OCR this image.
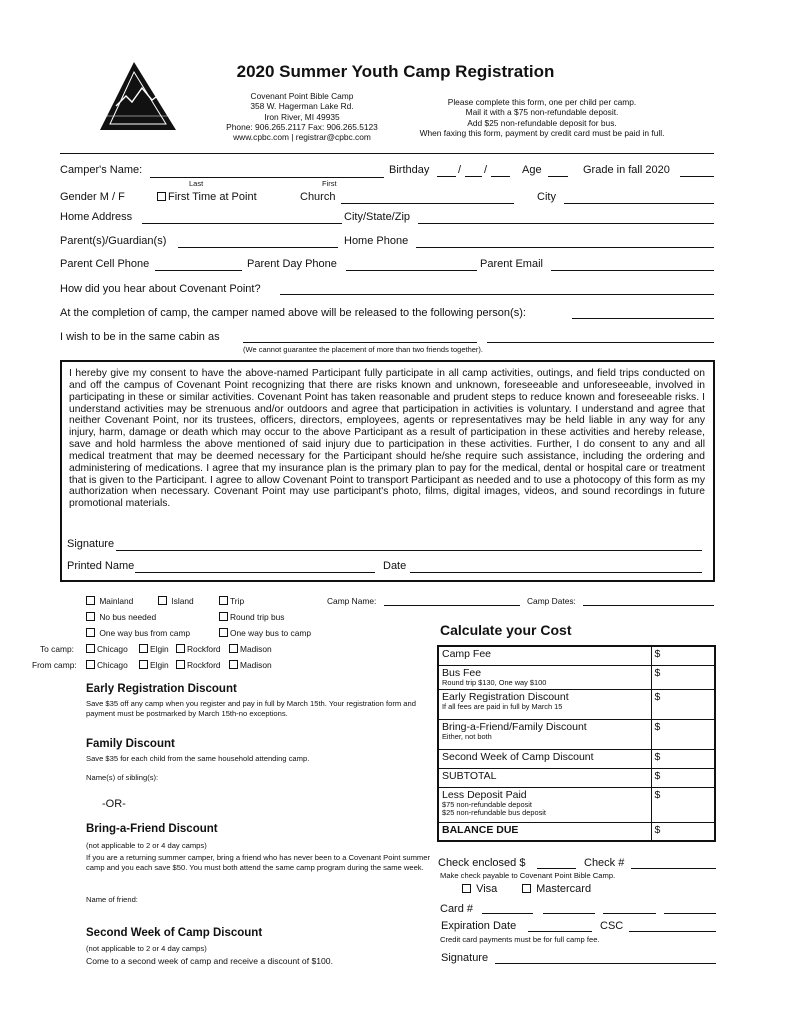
2020 Summer Youth Camp Registration
Covenant Point Bible Camp
358 W. Hagerman Lake Rd.
Iron River, MI 49935
Phone: 906.265.2117 Fax: 906.265.5123
www.cpbc.com | registrar@cpbc.com
Please complete this form, one per child per camp.
Mail it with a $75 non-refundable deposit.
Add $25 non-refundable deposit for bus.
When faxing this form, payment by credit card must be paid in full.
Camper's Name:
Last	First
Birthday	/ /	Age	Grade in fall 2020
Gender M / F	First Time at Point	Church	City
Home Address	City/State/Zip
Parent(s)/Guardian(s)	Home Phone
Parent Cell Phone	Parent Day Phone	Parent Email
How did you hear about Covenant Point?
At the completion of camp, the camper named above will be released to the following person(s):
I wish to be in the same cabin as
(We cannot guarantee the placement of more than two friends together).
I hereby give my consent to have the above-named Participant fully participate in all camp activities, outings, and field trips conducted on and off the campus of Covenant Point recognizing that there are risks known and unknown, foreseeable and unforeseeable, involved in participating in these or similar activities. Covenant Point has taken reasonable and prudent steps to reduce known and foreseeable risks. I understand activities may be strenuous and/or outdoors and agree that participation in activities is voluntary. I understand and agree that neither Covenant Point, nor its trustees, officers, directors, employees, agents or representatives may be held liable in any way for any injury, harm, damage or death which may occur to the above Participant as a result of participation in these activities and hereby release, save and hold harmless the above mentioned of said injury due to participation in these activities. Further, I do consent to any and all medical treatment that may be deemed necessary for the Participant should he/she require such assistance, including the ordering and administering of medications. I agree that my insurance plan is the primary plan to pay for the medical, dental or hospital care or treatment that is given to the Participant. I agree to allow Covenant Point to transport Participant as needed and to use a photocopy of this form as my authorization when necessary. Covenant Point may use participant's photo, films, digital images, videos, and sound recordings in future promotional materials.
Signature
Printed Name	Date
Mainland	Island	Trip	Camp Name:	Camp Dates:
No bus needed	Round trip bus
One way bus from camp	One way bus to camp
To camp:	Chicago	Elgin	Rockford	Madison
From camp:	Chicago	Elgin	Rockford	Madison
Early Registration Discount
Save $35 off any camp when you register and pay in full by March 15th. Your registration form and payment must be postmarked by March 15th-no exceptions.
Family Discount
Save $35 for each child from the same household attending camp.
Name(s) of sibling(s):
-OR-
Bring-a-Friend Discount
(not applicable to 2 or 4 day camps)
If you are a returning summer camper, bring a friend who has never been to a Covenant Point summer camp and you each save $50. You must both attend the same camp program during the same week.
Name of friend:
Second Week of Camp Discount
(not applicable to 2 or 4 day camps)
Come to a second week of camp and receive a discount of $100.
Calculate your Cost
Camp Fee	$
Bus Fee
Round trip $130, One way $100	$
Early Registration Discount
If all fees are paid in full by March 15	$
Bring-a-Friend/Family Discount
Either, not both	$
Second Week of Camp Discount	$
SUBTOTAL	$
Less Deposit Paid
$75 non-refundable deposit
$25 non-refundable bus deposit	$
BALANCE DUE	$
Check enclosed $	Check #
Make check payable to Covenant Point Bible Camp.
Visa	Mastercard
Card #
Expiration Date	CSC
Credit card payments must be for full camp fee.
Signature
